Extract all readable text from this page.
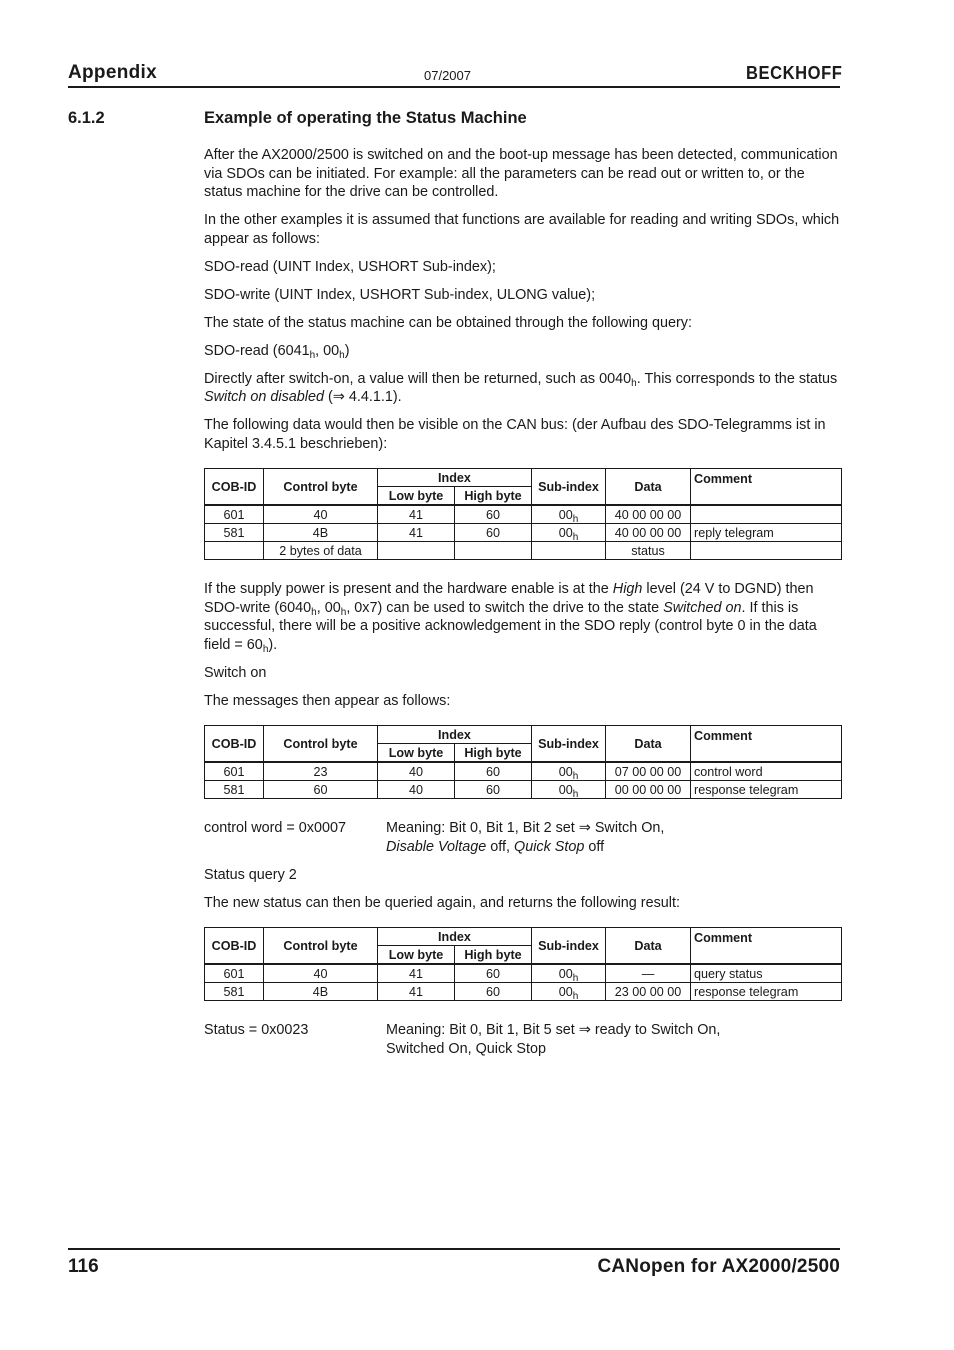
Appendix	07/2007	BECKHOFF
6.1.2	Example of operating the Status Machine

After the AX2000/2500 is switched on and the boot-up message has been detected, communication via SDOs can be initiated. For example: all the parameters can be read out or written to, or the status machine for the drive can be controlled.

In the other examples it is assumed that functions are available for reading and writing SDOs, which appear as follows:

SDO-read (UINT Index, USHORT Sub-index);

SDO-write (UINT Index, USHORT Sub-index, ULONG value);

The state of the status machine can be obtained through the following query:

SDO-read ($6041_h$, $00_h$)

Directly after switch-on, a value will then be returned, such as $0040_h$. This corresponds to the status
Switch on disabled (⇒ 4.4.1.1).

The following data would then be visible on the CAN bus: (der Aufbau des SDO-Telegramms ist in Kapitel 3.4.5.1 beschrieben):

COB-ID	Control byte	Index		Sub-index	Data	Comment
		Low byte	High byte			
601	40	41	60	$00_h$	40 00 00 00	
581	4B	41	60	$00_h$	40 00 00 00	reply telegram
	2 bytes of data				status	

If the supply power is present and the hardware enable is at the High level (24 V to DGND) then SDO-write ($6040_h$, $00_h$, 0x7) can be used to switch the drive to the state Switched on. If this is successful, there will be a positive acknowledgement in the SDO reply (control byte 0 in the data field = $60_h$).

Switch on

The messages then appear as follows:

COB-ID	Control byte	Index		Sub-index	Data	Comment
		Low byte	High byte			
601	23	40	60	$00_h$	07 00 00 00	control word
581	60	40	60	$00_h$	00 00 00 00	response telegram
control word = 0x0007	Meaning: Bit 0, Bit 1, Bit 2 set ⇒ Switch On,
Disable Voltage off, Quick Stop off

Status query 2

The new status can then be queried again, and returns the following result:

COB-ID	Control byte	Index		Sub-index	Data	Comment
		Low byte	High byte			
601	40	41	60	$00_h$	—	query status
581	4B	41	60	$00_h$	23 00 00 00	response telegram
Status = 0x0023	Meaning: Bit 0, Bit 1, Bit 5 set ⇒ ready to Switch On,
Switched On, Quick Stop
116	CANopen for AX2000/2500
